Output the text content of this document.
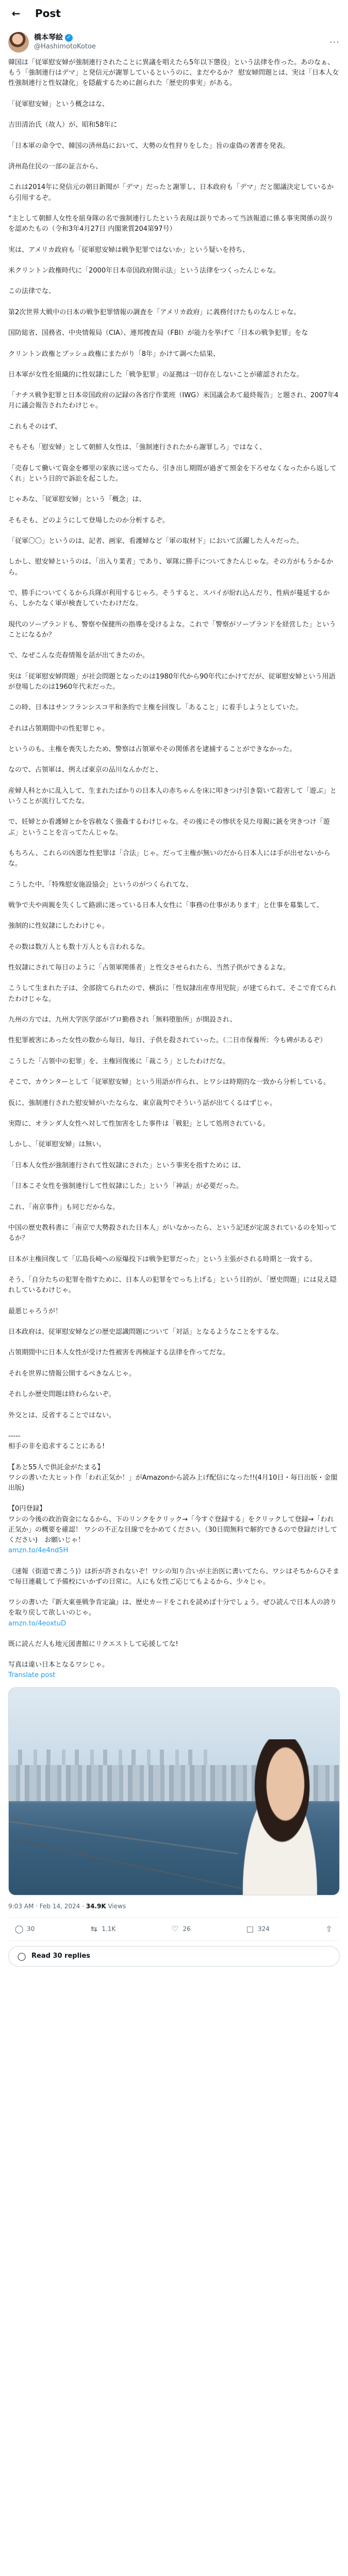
←	Post
橋本琴絵 ✓
@HashimotoKotoe	···
韓国は「従軍慰安婦が強制連行されたことに異議を唱えたら5年以下懲役」という法律を作った。あのなぁ、もう「強制連行はデマ」と発信元が謝罪しているというのに、まだやるか？ 慰安婦問題とは、実は「日本人女性強制連行と性奴隷化」を隠蔽するために創られた「歴史的事実」がある。
「従軍慰安婦」という概念はな、
吉田清治氏（故人）が、昭和58年に
「日本軍の命令で、韓国の済州島において、大勢の女性狩りをした」旨の虚偽の著書を発表。
済州島住民の一部の証言から、
これは2014年に発信元の朝日新聞が「デマ」だったと謝罪し、日本政府も「デマ」だと閣議決定しているから引用するぞ。
“主として朝鮮人女性を組身隊の名で強制連行したという表現は誤りであって当該報道に係る事実関係の誤りを認めたもの（令和3年4月27日 内閣衆質204第97号）
実は、アメリカ政府も「従軍慰安婦は戦争犯罪ではないか」という疑いを持ち、
米クリントン政権時代に「2000年日本帝国政府開示法」という法律をつくったんじゃな。
この法律でな、
第2次世界大戦中の日本の戦争犯罪情報の調査を「アメリカ政府」に義務付けたものなんじゃな。
国防総省、国務省、中央情報局（CIA）、連邦捜査局（FBI）が能力を挙げて「日本の戦争犯罪」をな
クリントン政権とブッシュ政権にまたがり「8年」かけて調べた結果、
日本軍が女性を組織的に性奴隷にした「戦争犯罪」の証拠は一切存在しないことが確認されたな。
「ナチス戦争犯罪と日本帝国政府の記録の各省庁作業班（IWG）米国議会あて最終報告」と題され、2007年4月に議会報告されたわけじゃ。
これもそのはず、
そもそも「慰安婦」として朝鮮人女性は、「強制連行されたから謝罪しろ」ではなく、
「売春して働いて資金を郷里の家族に送ってたら、引き出し期間が過ぎて預金を下ろせなくなったから返してくれ」という目的で訴訟を起こした。
じゃあな、「従軍慰安婦」という「概念」は、
そもそも、どのようにして登場したのか分析するぞ。
「従軍〇〇」というのは、記者、画家、看護婦など「軍の取材下」において活躍した人々だった。
しかし、慰安婦というのは、「出入り業者」であり、軍隊に勝手についてきたんじゃな。その方がもうかるから。
で、勝手についてくるから兵隊が利用するじゃろ。そうすると、スパイが紛れ込んだり、性病が蔓延するから、しかたなく軍が検査していたわけだな。
現代のソープランドも、警察や保健所の指導を受けるよな。これで「警察がソープランドを経営した」ということになるか？
で、なぜこんな売春情報を話が出てきたのか。
実は「従軍慰安婦問題」が社会問題となったのは1980年代から90年代にかけてだが、従軍慰安婦という用語が登場したのは1960年代末だった。
この時、日本はサンフランシスコ平和条約で主権を回復し「あること」に着手しようとしていた。
それは占領期間中の性犯罪じゃ。
というのも、主権を喪失したため、警察は占領軍やその関係者を逮捕することができなかった。
なので、占領軍は、例えば東京の品川なんかだと、
産婦人科とかに乱入して、生まれたばかりの日本人の赤ちゃんを床に叩きつけ引き裂いて殺害して「遊ぶ」ということが流行してたな。
で、妊婦とか看護婦とかを容赦なく強姦するわけじゃな。その後にその惨状を見た母親に銃を突きつけ「遊ぶ」ということを言ってたんじゃな。
もちろん、これらの凶悪な性犯罪は「合法」じゃ。だって主権が無いのだから日本人には手が出せないからな。
こうした中、「特殊慰安施設協会」というのがつくられてな、
戦争で夫や両親を失くして路頭に迷っている日本人女性に「事務の仕事があります」と仕事を募集して、
強制的に性奴隷にしたわけじゃ。
その数は数万人とも数十万人とも言われるな。
性奴隷にされて毎日のように「占領軍関係者」と性交させられたら、当然子供ができるよな。
こうして生まれた子は、全部捨てられたので、横浜に「性奴隷出産専用児院」が建てられて、そこで育てられたわけじゃな。
九州の方では、九州大学医学部がプロ勤務され「無料堕胎所」が開設され、
性犯罪被害にあった女性の数から毎日、毎日、子供を殺されていった。（二日市保養所：今も碑があるぞ）
こうした「占領中の犯罪」を、主権回復後に「裁こう」としたわけだな。
そこで、カウンターとして「従軍慰安婦」という用語が作られ、ヒワシは時期的な一致から分析している。
仮に、強制連行された慰安婦がいたならな、東京裁判でそういう話が出てくるはずじゃ。
実際に、オランダ人女性へ対して性加害をした事件は「戦犯」として処刑されている。
しかし、「従軍慰安婦」は無い。
「日本人女性が強制連行されて性奴隷にされた」という事実を指すために は、
「日本こそ女性を強制連行して性奴隷にした」という「神話」が必要だった。
これ、「南京事件」も同じだからな。
中国の歴史教科書に「南京で大勢殺された日本人」がいなかったら、という記述が定説されているのを知ってるか？
日本が主権回復して「広島長崎への原爆投下は戦争犯罪だった」という主張がされる時期と一致する。
そう、「自分たちの犯罪を指すために、日本人の犯罪をでっち上げる」という目的が、「歴史問題」には見え隠れしているわけじゃ。
最悪じゃろうが！
日本政府は、従軍慰安婦などの歴史認識問題について「対話」となるようなことをするな。
占領期間中に日本人女性が受けた性被害を再検証する法律を作ってだな。
それを世界に情報公開するべきなんじゃ。
それしか歴史問題は終わらないぞ。
外交とは、反省することではない。
-----
相手の非を追求することにある!
【あと55人で供託金がたまる】
ワシの書いた大ヒット作「われ正気か！」がAmazonから読み上げ配信になった!!(4月10日・毎日出版・金閣出版)
【0円登録】
ワシの今後の政治資金になるから、下のリンクをクリック→「今すぐ登録する」をクリックして登録→「われ正気か」の概要を確認！ ワシの不正な目線でをかめてください。（30日間無料で解約できるので登録だけしてください)　お願いじゃ！
amzn.to/4e4nd5H
《速報（街道で書こう)》は折が許されないぞ！ワシの知り合いが主治医に書いてたら、ワシはそちからひそまで毎日連載して予備校にいかずの日常に。人にも女性ご応じてもよるから、少々じゃ。
ワシの書いた『新大東亜戦争肯定論』は、歴史カードをこれを読めば十分でしょう。ぜひ読んで日本人の誇りを取り戻して欲しいのじゃ。
amzn.to/4eoxtuD
既に読んだ人も地元図書館にリクエストして応援してな!
写真は違い日本となるワシじゃ。
Translate post
9:03 AM · Feb 14, 2024 · 34.9K Views
◯ 30	⇆ 1.1K	♡ 26	□ 324	⇧
◯ Read 30 replies
